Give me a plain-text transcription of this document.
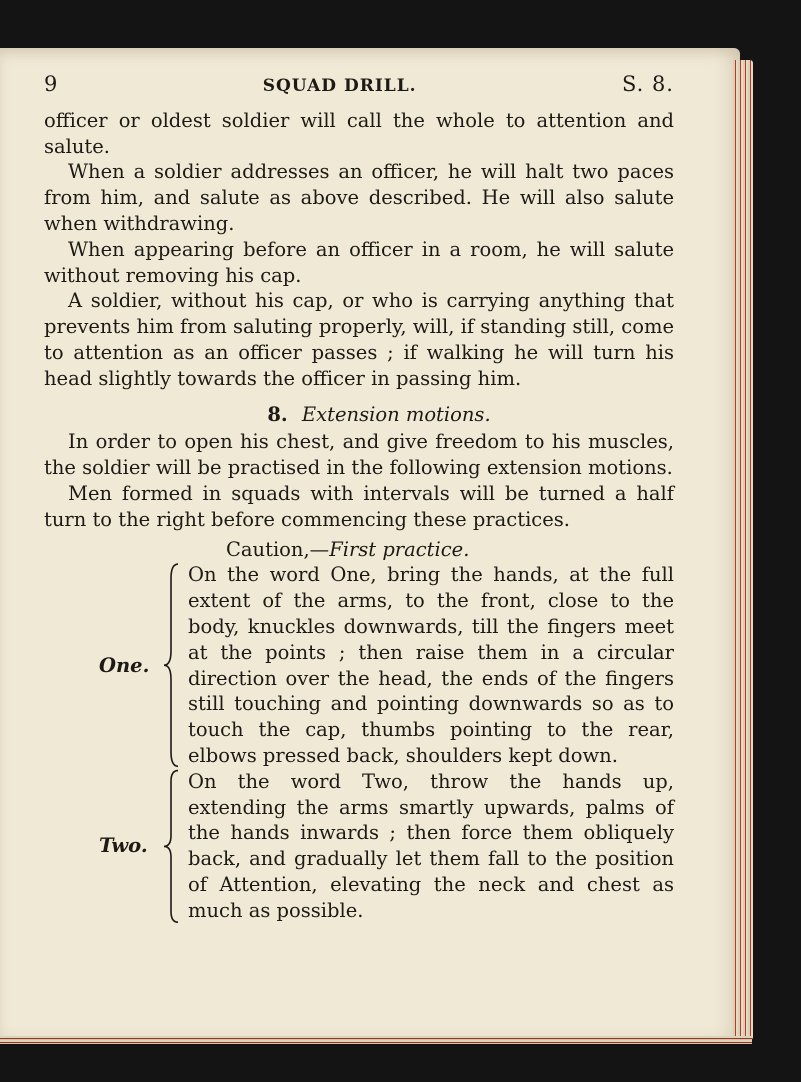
9	SQUAD DRILL.	S. 8.

officer or oldest soldier will call the whole to attention and salute.

When a soldier addresses an officer, he will halt two paces from him, and salute as above described. He will also salute when withdrawing.

When appearing before an officer in a room, he will salute without removing his cap.

A soldier, without his cap, or who is carrying anything that prevents him from saluting properly, will, if standing still, come to attention as an officer passes ; if walking he will turn his head slightly towards the officer in passing him.

8. Extension motions.

In order to open his chest, and give freedom to his muscles, the soldier will be practised in the following extension motions.

Men formed in squads with intervals will be turned a half turn to the right before commencing these practices.

Caution,—First practice.
One.
On the word One, bring the hands, at the full extent of the arms, to the front, close to the body, knuckles downwards, till the fingers meet at the points ; then raise them in a circular direction over the head, the ends of the fingers still touching and pointing downwards so as to touch the cap, thumbs pointing to the rear, elbows pressed back, shoulders kept down.
Two.
On the word Two, throw the hands up, extending the arms smartly upwards, palms of the hands inwards ; then force them obliquely back, and gradually let them fall to the position of Attention, elevating the neck and chest as much as possible.
